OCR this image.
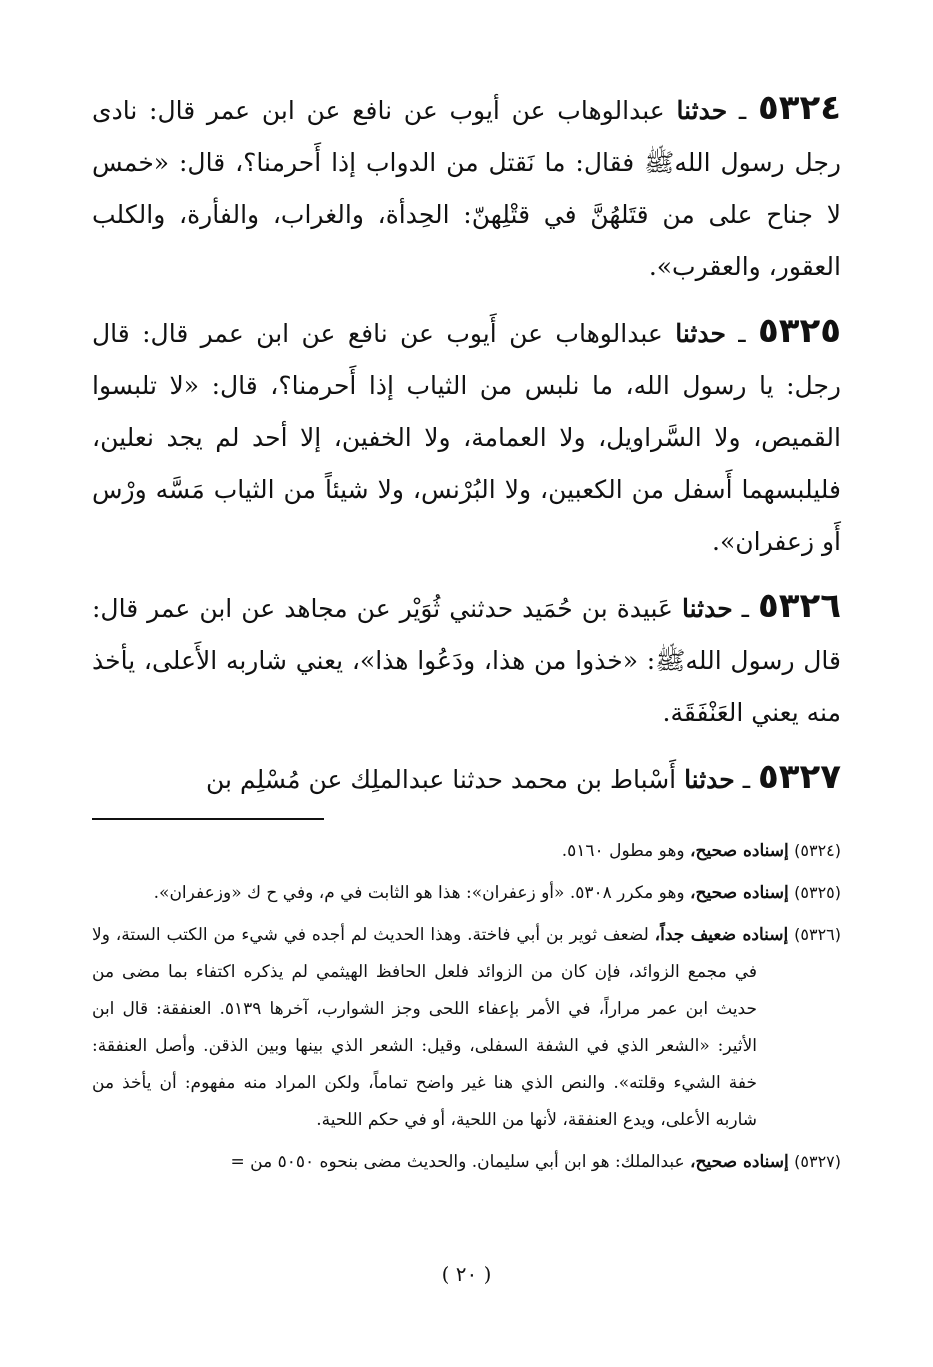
٥٣٢٤ ـ حدثنا عبدالوهاب عن أيوب عن نافع عن ابن عمر قال: نادى رجل رسول اللهﷺ فقال: ما نَقتل من الدواب إذا أَحرمنا؟، قال: «خمس لا جناح على من قتَلهُنَّ في قتْلِهنّ: الحِدأة، والغراب، والفأرة، والكلب العقور، والعقرب».

٥٣٢٥ ـ حدثنا عبدالوهاب عن أَيوب عن نافع عن ابن عمر قال: قال رجل: يا رسول الله، ما نلبس من الثياب إذا أَحرمنا؟، قال: «لا تلبسوا القميص، ولا السَّراويل، ولا العمامة، ولا الخفين، إلا أحد لم يجد نعلين، فليلبسهما أَسفل من الكعبين، ولا البُرْنس، ولا شيئاً من الثياب مَسَّه ورْس أَو زعفران».

٥٣٢٦ ـ حدثنا عَبيدة بن حُمَيد حدثني ثُوَيْر عن مجاهد عن ابن عمر قال: قال رسول اللهﷺ: «خذوا من هذا، ودَعُوا هذا»، يعني شاربه الأَعلى، يأخذ منه يعني العَنْفَقَة.

٥٣٢٧ ـ حدثنا أَسْباط بن محمد حدثنا عبدالملِك عن مُسْلِم بن

(٥٣٢٤) إسناده صحيح، وهو مطول ٥١٦٠.

(٥٣٢٥) إسناده صحيح، وهو مكرر ٥٣٠٨. «أو زعفران»: هذا هو الثابت في م، وفي ح ك «وزعفران».

(٥٣٢٦) إسناده ضعيف جداً، لضعف ثوير بن أبي فاختة. وهذا الحديث لم أجده في شيء من الكتب الستة، ولا في مجمع الزوائد، فإن كان من الزوائد فلعل الحافظ الهيثمي لم يذكره اكتفاء بما مضى من حديث ابن عمر مراراً، في الأمر بإعفاء اللحى وجز الشوارب، آخرها ٥١٣٩. العنفقة: قال ابن الأثير: «الشعر الذي في الشفة السفلى، وقيل: الشعر الذي بينها وبين الذقن. وأصل العنفقة: خفة الشيء وقلته». والنص الذي هنا غير واضح تماماً، ولكن المراد منه مفهوم: أن يأخذ من شاربه الأعلى، ويدع العنفقة، لأنها من اللحية، أو في حكم اللحية.

(٥٣٢٧) إسناده صحيح، عبدالملك: هو ابن أبي سليمان. والحديث مضى بنحوه ٥٠٥٠ من =

( ٢٠ )
